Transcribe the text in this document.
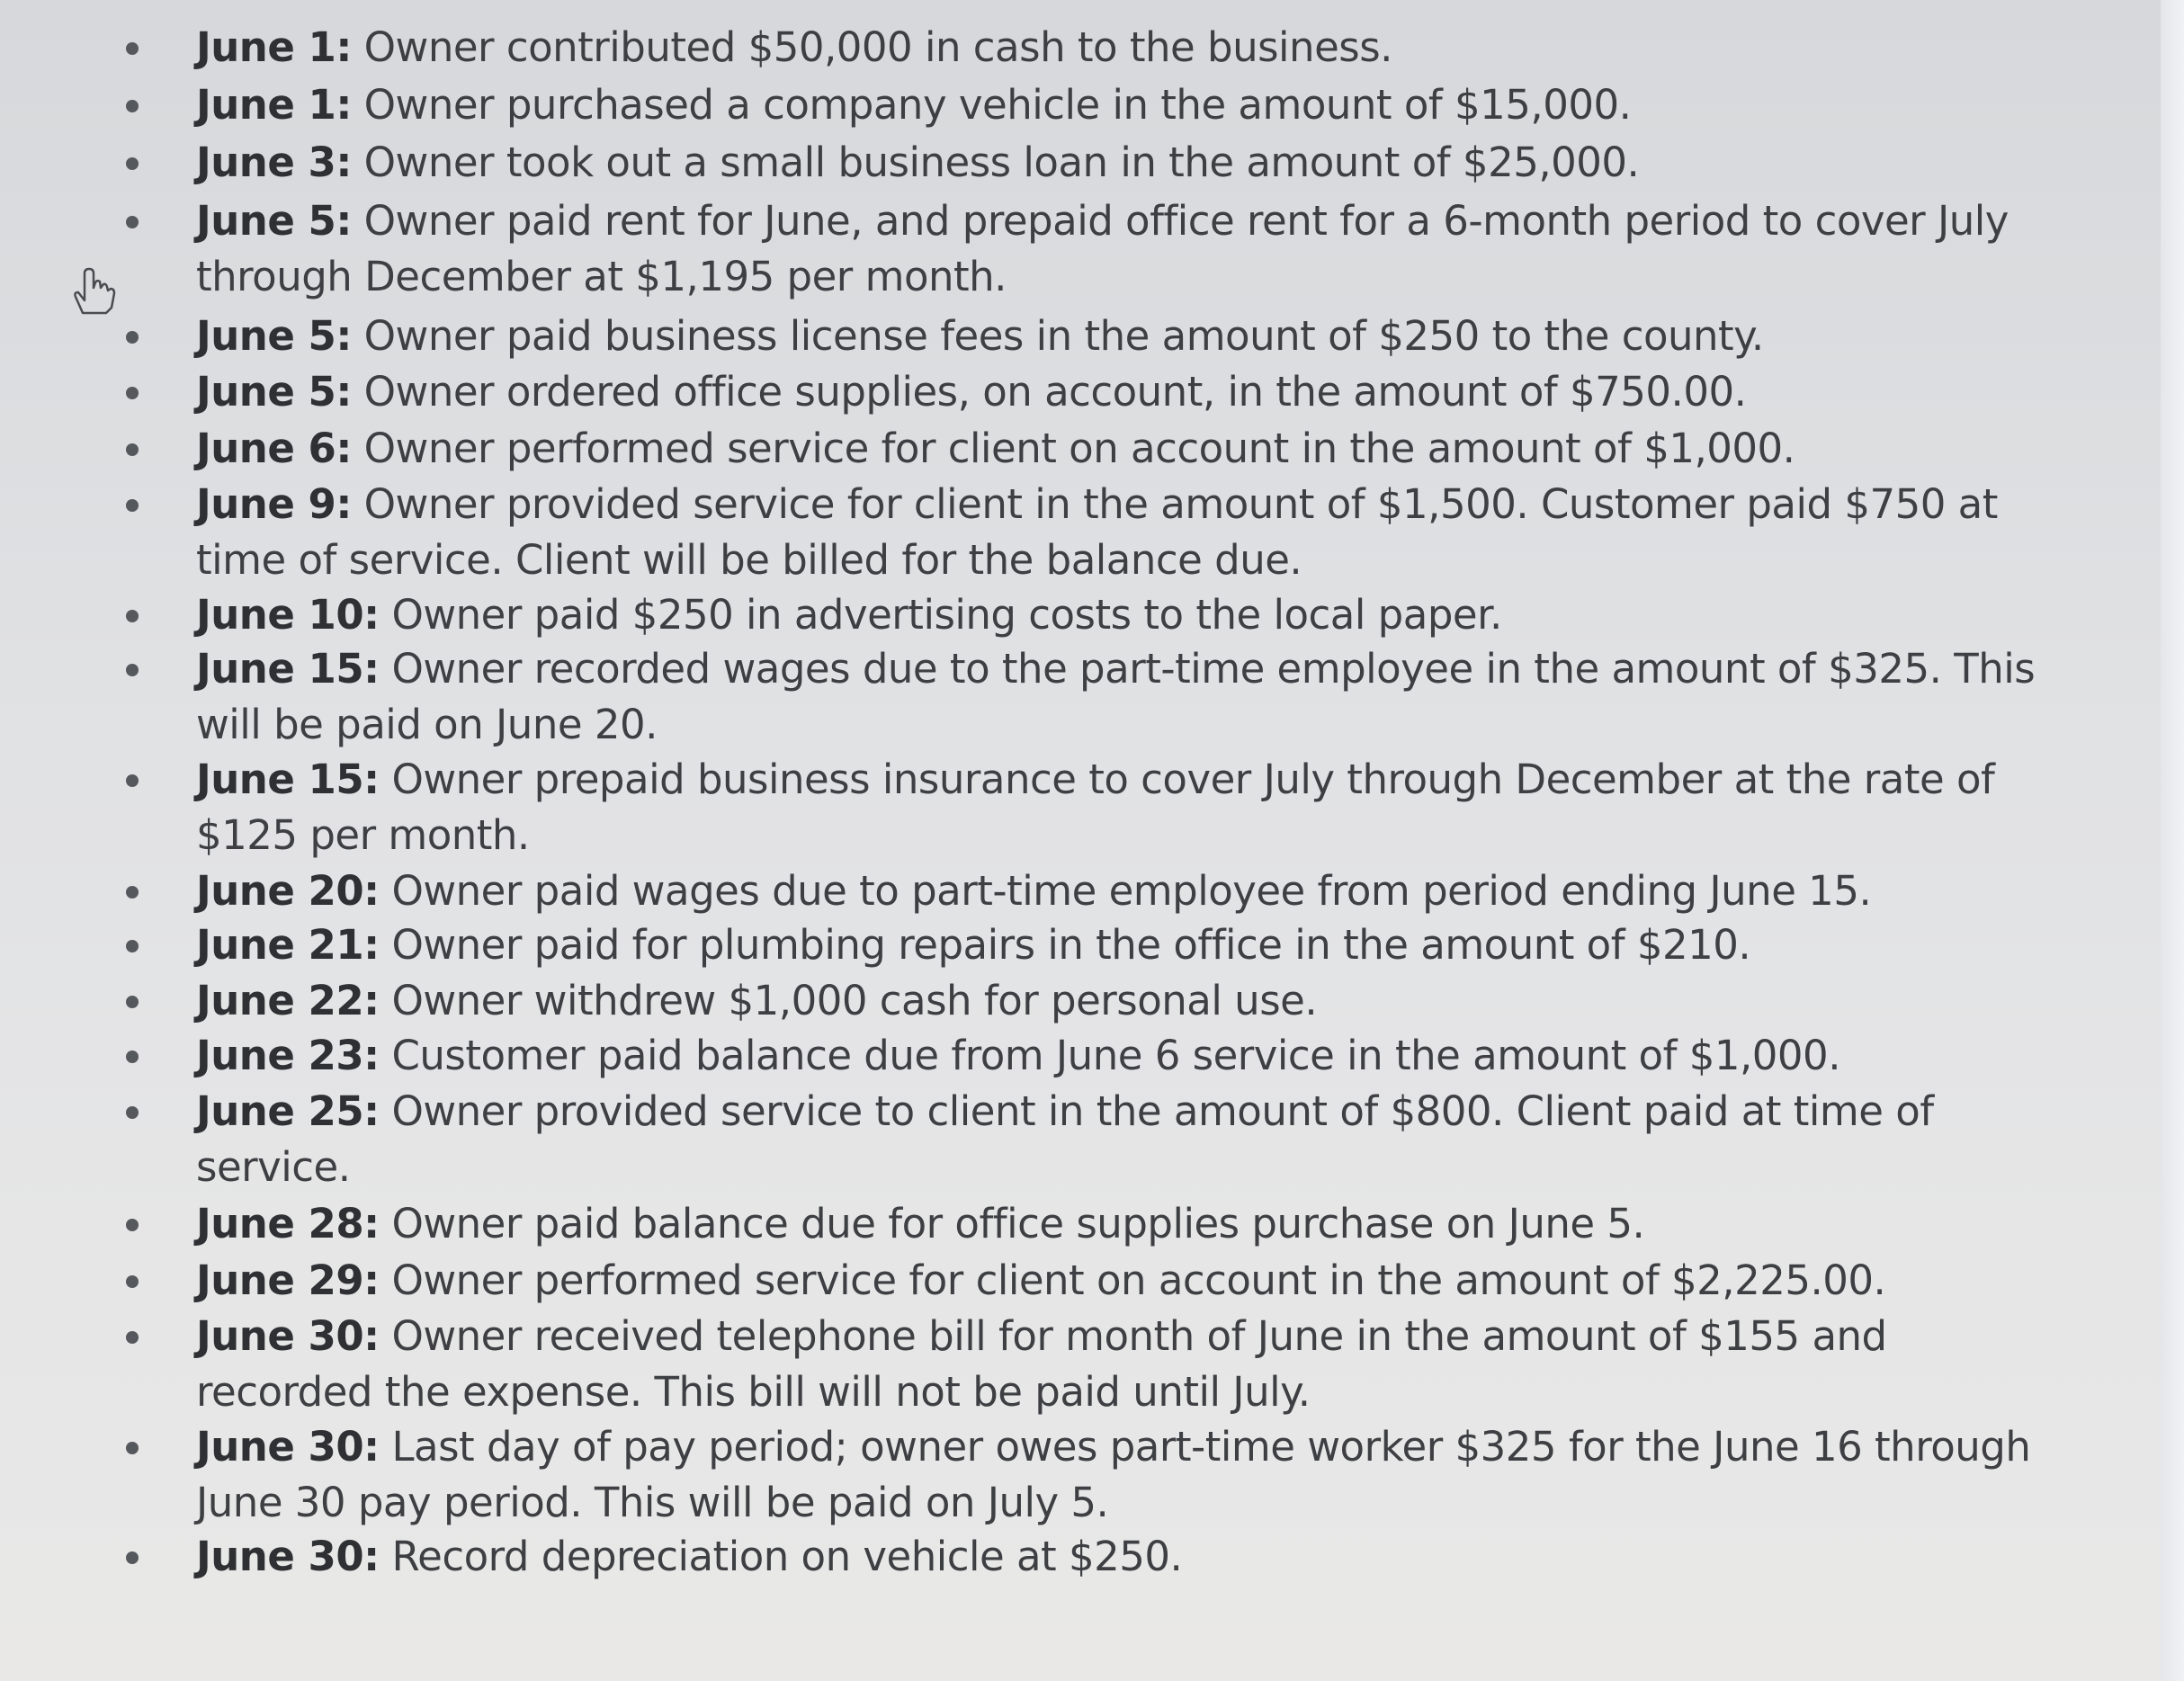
June 1: Owner contributed $50,000 in cash to the business.
June 1: Owner purchased a company vehicle in the amount of $15,000.
June 3: Owner took out a small business loan in the amount of $25,000.
June 5: Owner paid rent for June, and prepaid office rent for a 6-month period to cover July
through December at $1,195 per month.
June 5: Owner paid business license fees in the amount of $250 to the county.
June 5: Owner ordered office supplies, on account, in the amount of $750.00.
June 6: Owner performed service for client on account in the amount of $1,000.
June 9: Owner provided service for client in the amount of $1,500. Customer paid $750 at
time of service. Client will be billed for the balance due.
June 10: Owner paid $250 in advertising costs to the local paper.
June 15: Owner recorded wages due to the part-time employee in the amount of $325. This
will be paid on June 20.
June 15: Owner prepaid business insurance to cover July through December at the rate of
$125 per month.
June 20: Owner paid wages due to part-time employee from period ending June 15.
June 21: Owner paid for plumbing repairs in the office in the amount of $210.
June 22: Owner withdrew $1,000 cash for personal use.
June 23: Customer paid balance due from June 6 service in the amount of $1,000.
June 25: Owner provided service to client in the amount of $800. Client paid at time of
service.
June 28: Owner paid balance due for office supplies purchase on June 5.
June 29: Owner performed service for client on account in the amount of $2,225.00.
June 30: Owner received telephone bill for month of June in the amount of $155 and
recorded the expense. This bill will not be paid until July.
June 30: Last day of pay period; owner owes part-time worker $325 for the June 16 through
June 30 pay period. This will be paid on July 5.
June 30: Record depreciation on vehicle at $250.
